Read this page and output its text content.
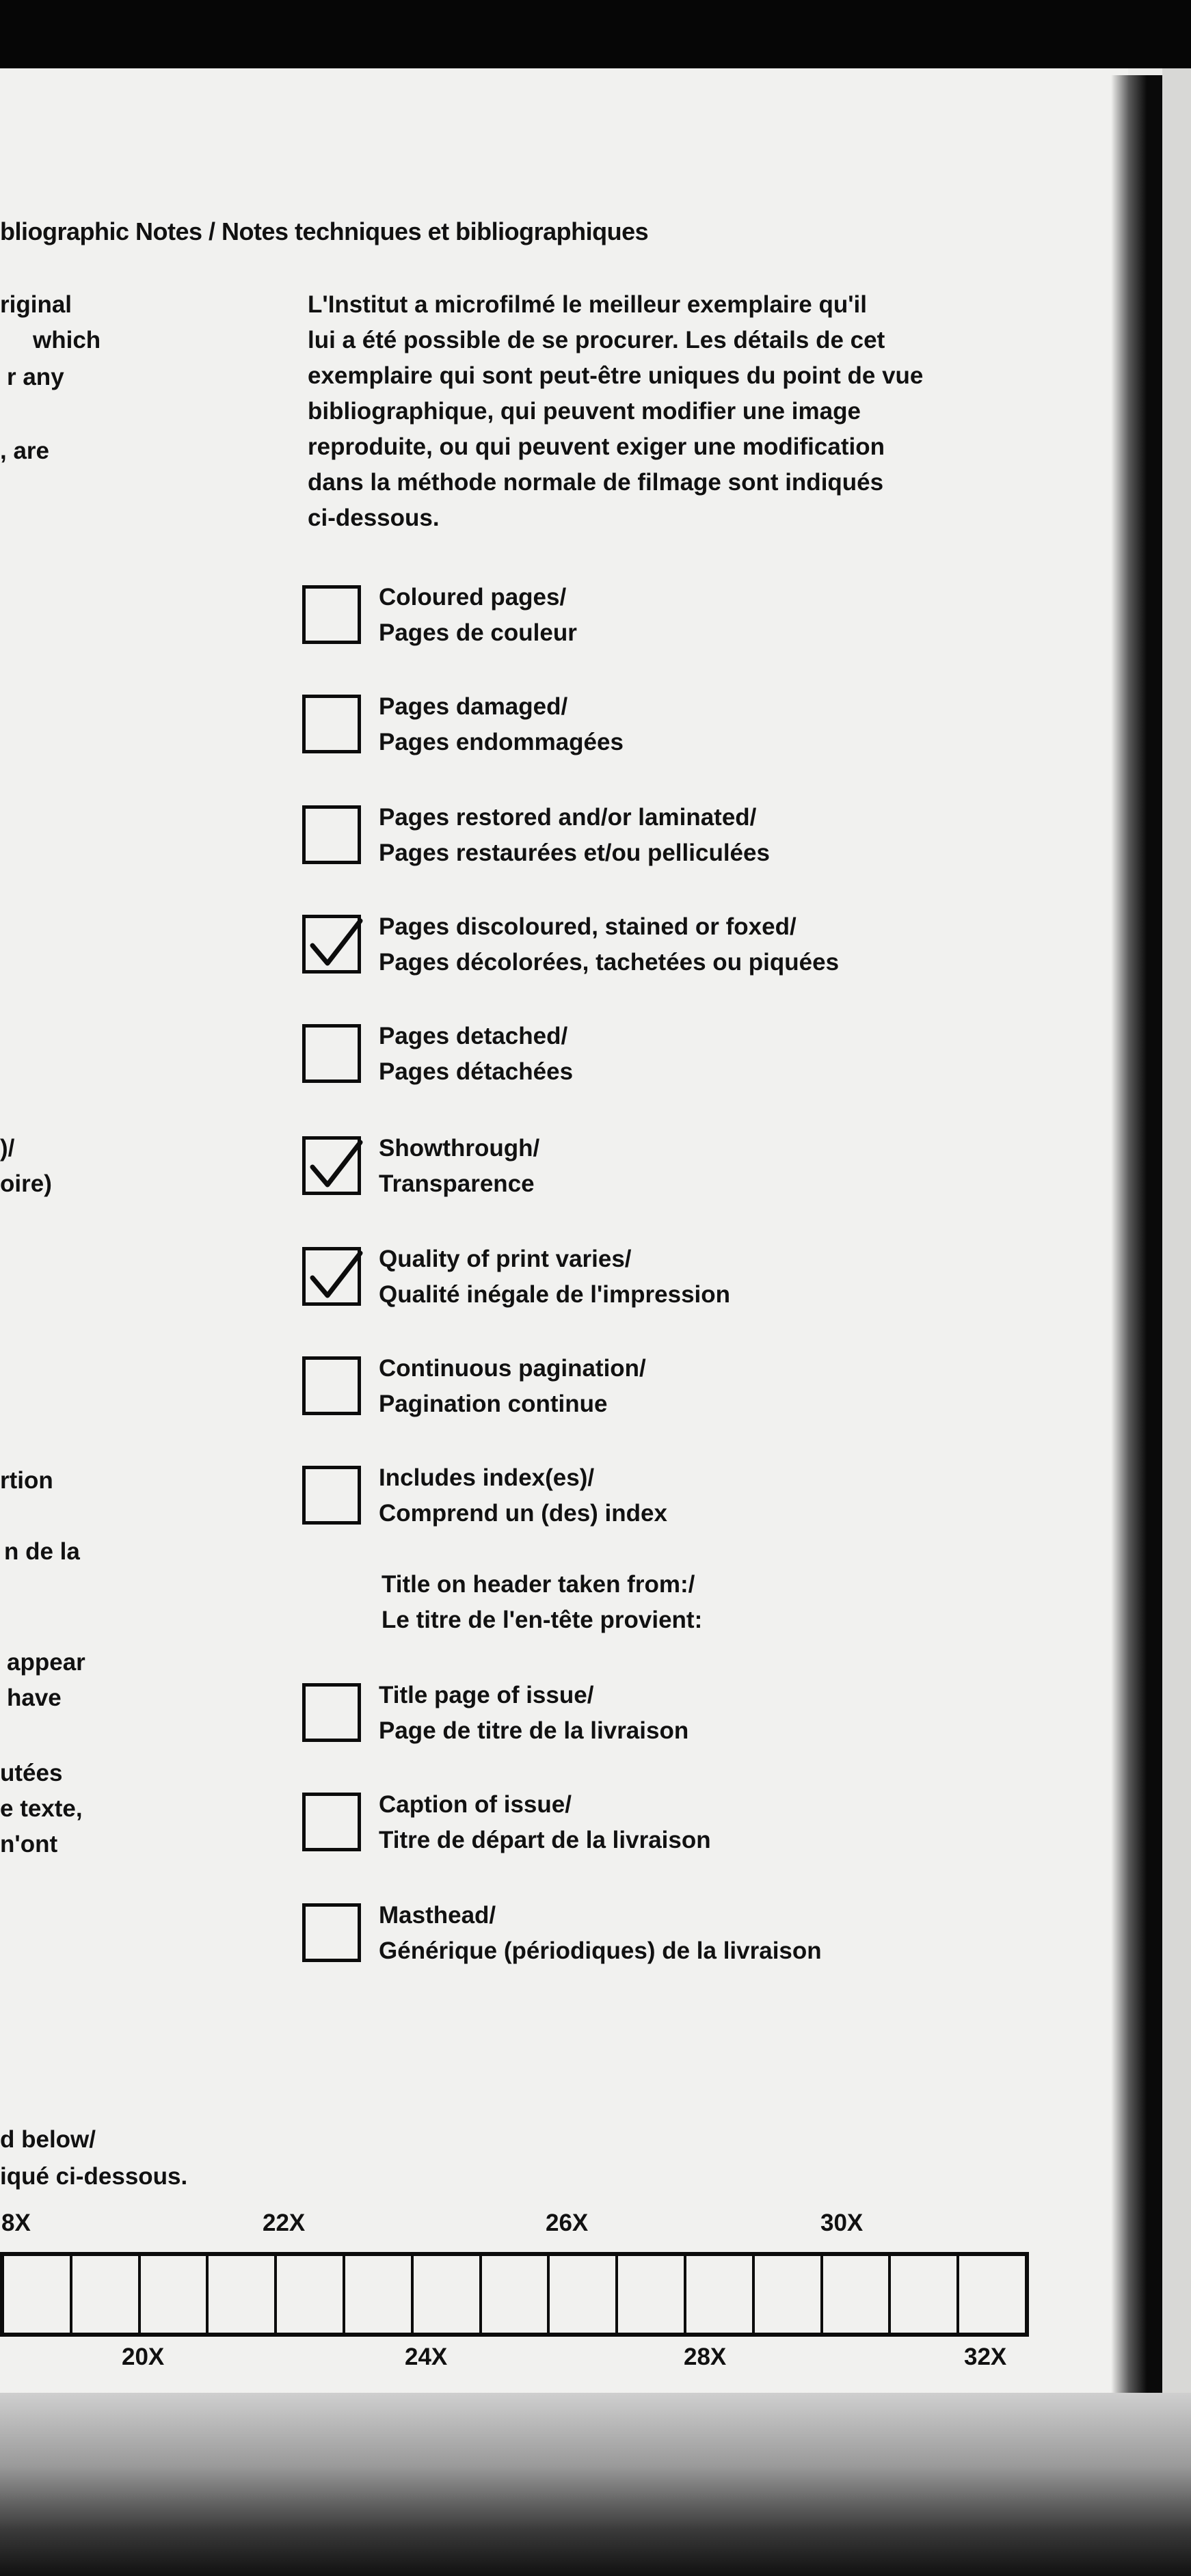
bliographic Notes / Notes techniques et bibliographiques
riginal
which
r any
, are
)/
oire)
rtion
n de la
appear
have
utées
e texte,
n'ont
d below/
iqué ci-dessous.
L'Institut a microfilmé le meilleur exemplaire qu'il
lui a été possible de se procurer. Les détails de cet
exemplaire qui sont peut-être uniques du point de vue
bibliographique, qui peuvent modifier une image
reproduite, ou qui peuvent exiger une modification
dans la méthode normale de filmage sont indiqués
ci-dessous.
Coloured pages/
Pages de couleur
Pages damaged/
Pages endommagées
Pages restored and/or laminated/
Pages restaurées et/ou pelliculées
Pages discoloured, stained or foxed/
Pages décolorées, tachetées ou piquées
Pages detached/
Pages détachées
Showthrough/
Transparence
Quality of print varies/
Qualité inégale de l'impression
Continuous pagination/
Pagination continue
Includes index(es)/
Comprend un (des) index
Title on header taken from:/
Le titre de l'en-tête provient:
Title page of issue/
Page de titre de la livraison
Caption of issue/
Titre de départ de la livraison
Masthead/
Générique (périodiques) de la livraison
8X	22X	26X	30X
20X	24X	28X	32X
